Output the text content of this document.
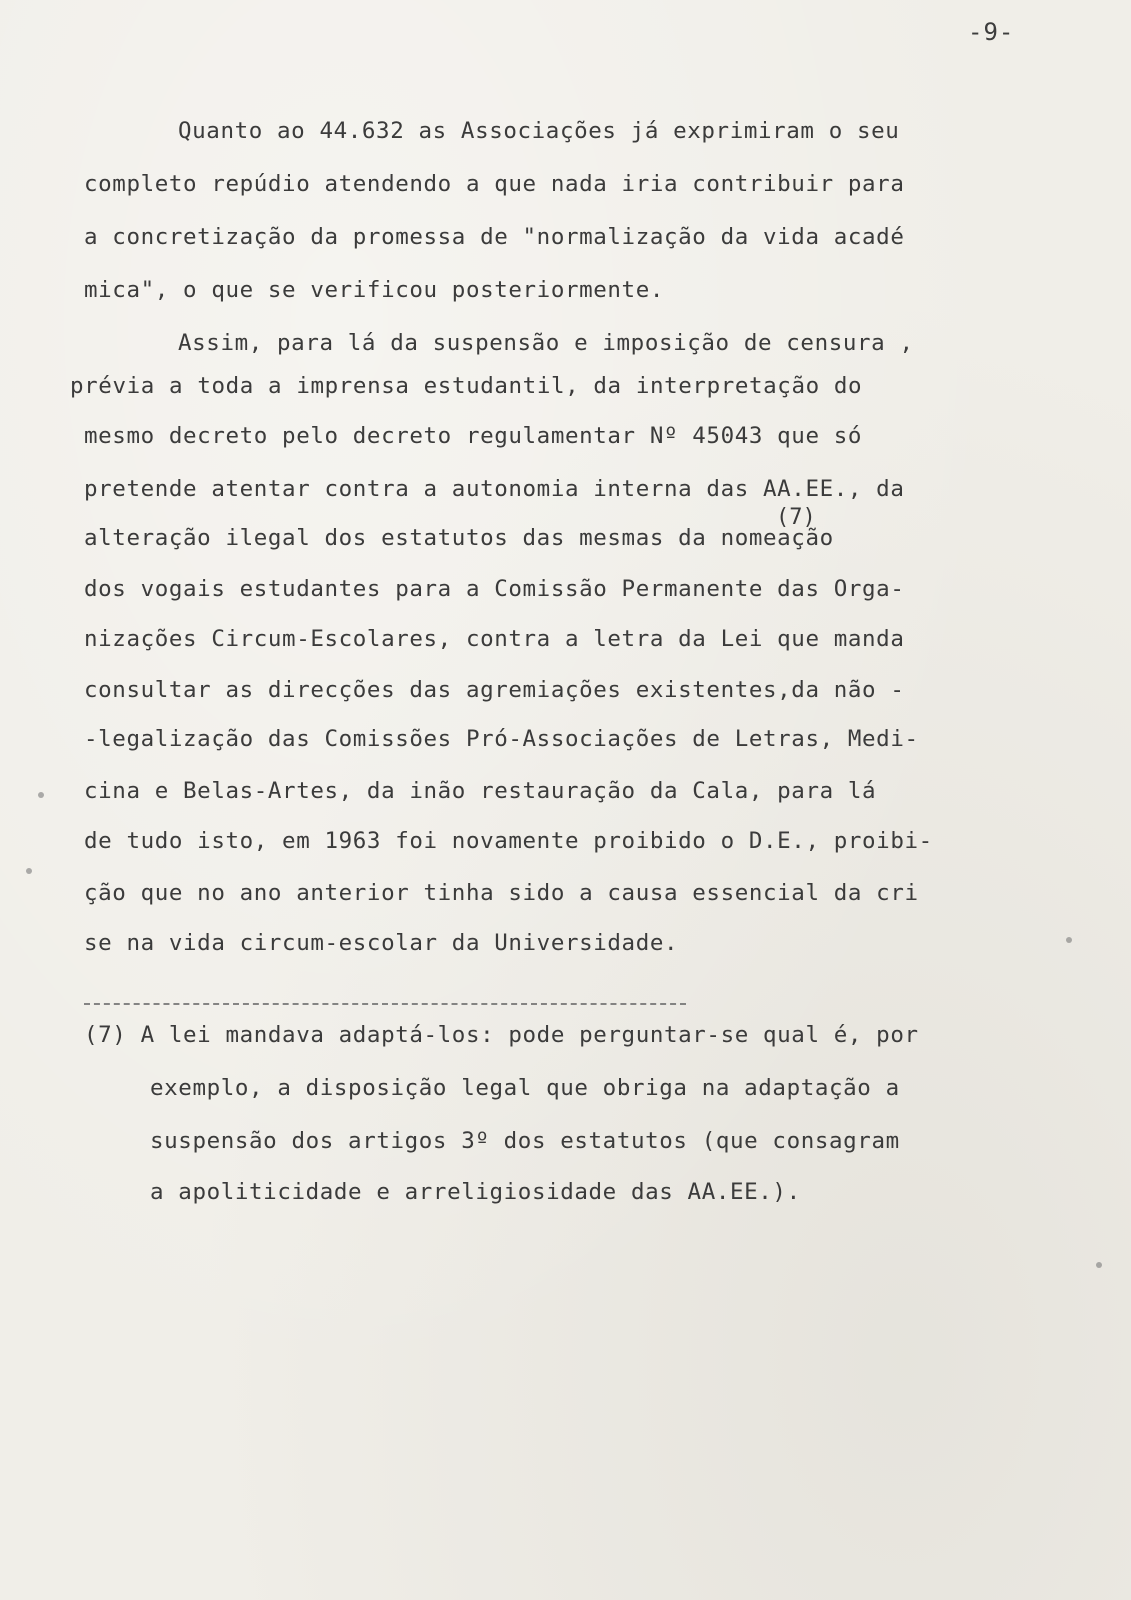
-9-
Quanto ao 44.632 as Associações já exprimiram o seu
completo repúdio atendendo a que nada iria contribuir para
a concretização da promessa de "normalização da vida acadé
mica", o que se verificou posteriormente.
Assim, para lá da suspensão e imposição de censura ,
prévia a toda a imprensa estudantil, da interpretação do
mesmo decreto pelo decreto regulamentar Nº 45043 que só
pretende atentar contra a autonomia interna das AA.EE., da
(7)
alteração ilegal dos estatutos das mesmas da nomeação
dos vogais estudantes para a Comissão Permanente das Orga-
nizações Circum-Escolares, contra a letra da Lei que manda
consultar as direcções das agremiações existentes,da não -
-legalização das Comissões Pró-Associações de Letras, Medi-
cina e Belas-Artes, da inão restauração da Cala, para lá
de tudo isto, em 1963 foi novamente proibido o D.E., proibi-
ção que no ano anterior tinha sido a causa essencial da cri
se na vida circum-escolar da Universidade.
(7) A lei mandava adaptá-los: pode perguntar-se qual é, por
exemplo, a disposição legal que obriga na adaptação a
suspensão dos artigos 3º dos estatutos (que consagram
a apoliticidade e arreligiosidade das AA.EE.).
